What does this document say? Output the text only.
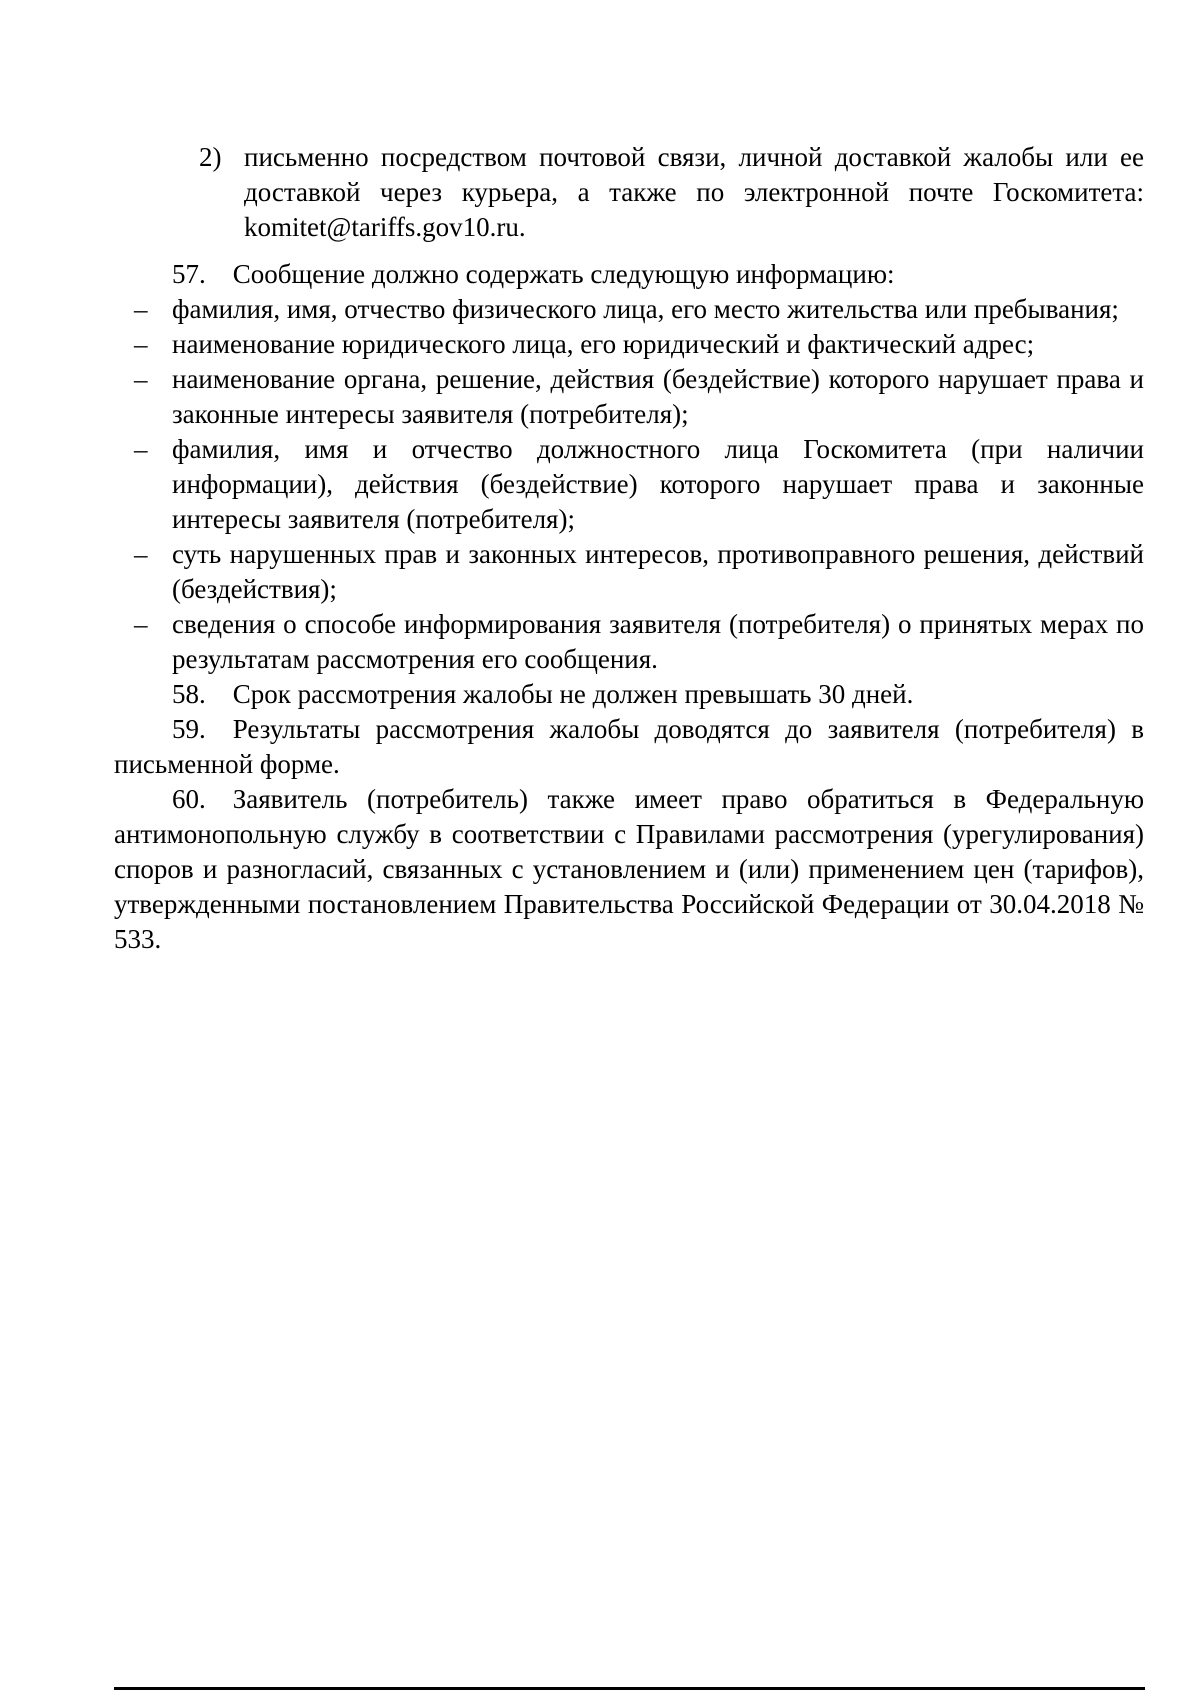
2) письменно посредством почтовой связи, личной доставкой жалобы или ее доставкой через курьера, а также по электронной почте Госкомитета: komitet@tariffs.gov10.ru.
57. Сообщение должно содержать следующую информацию:
– фамилия, имя, отчество физического лица, его место жительства или пребывания;
– наименование юридического лица, его юридический и фактический адрес;
– наименование органа, решение, действия (бездействие) которого нарушает права и законные интересы заявителя (потребителя);
– фамилия, имя и отчество должностного лица Госкомитета (при наличии информации), действия (бездействие) которого нарушает права и законные интересы заявителя (потребителя);
– суть нарушенных прав и законных интересов, противоправного решения, действий (бездействия);
– сведения о способе информирования заявителя (потребителя) о принятых мерах по результатам рассмотрения его сообщения.
58. Срок рассмотрения жалобы не должен превышать 30 дней.
59. Результаты рассмотрения жалобы доводятся до заявителя (потребителя) в письменной форме.
60. Заявитель (потребитель) также имеет право обратиться в Федеральную антимонопольную службу в соответствии с Правилами рассмотрения (урегулирования) споров и разногласий, связанных с установлением и (или) применением цен (тарифов), утвержденными постановлением Правительства Российской Федерации от 30.04.2018 № 533.
